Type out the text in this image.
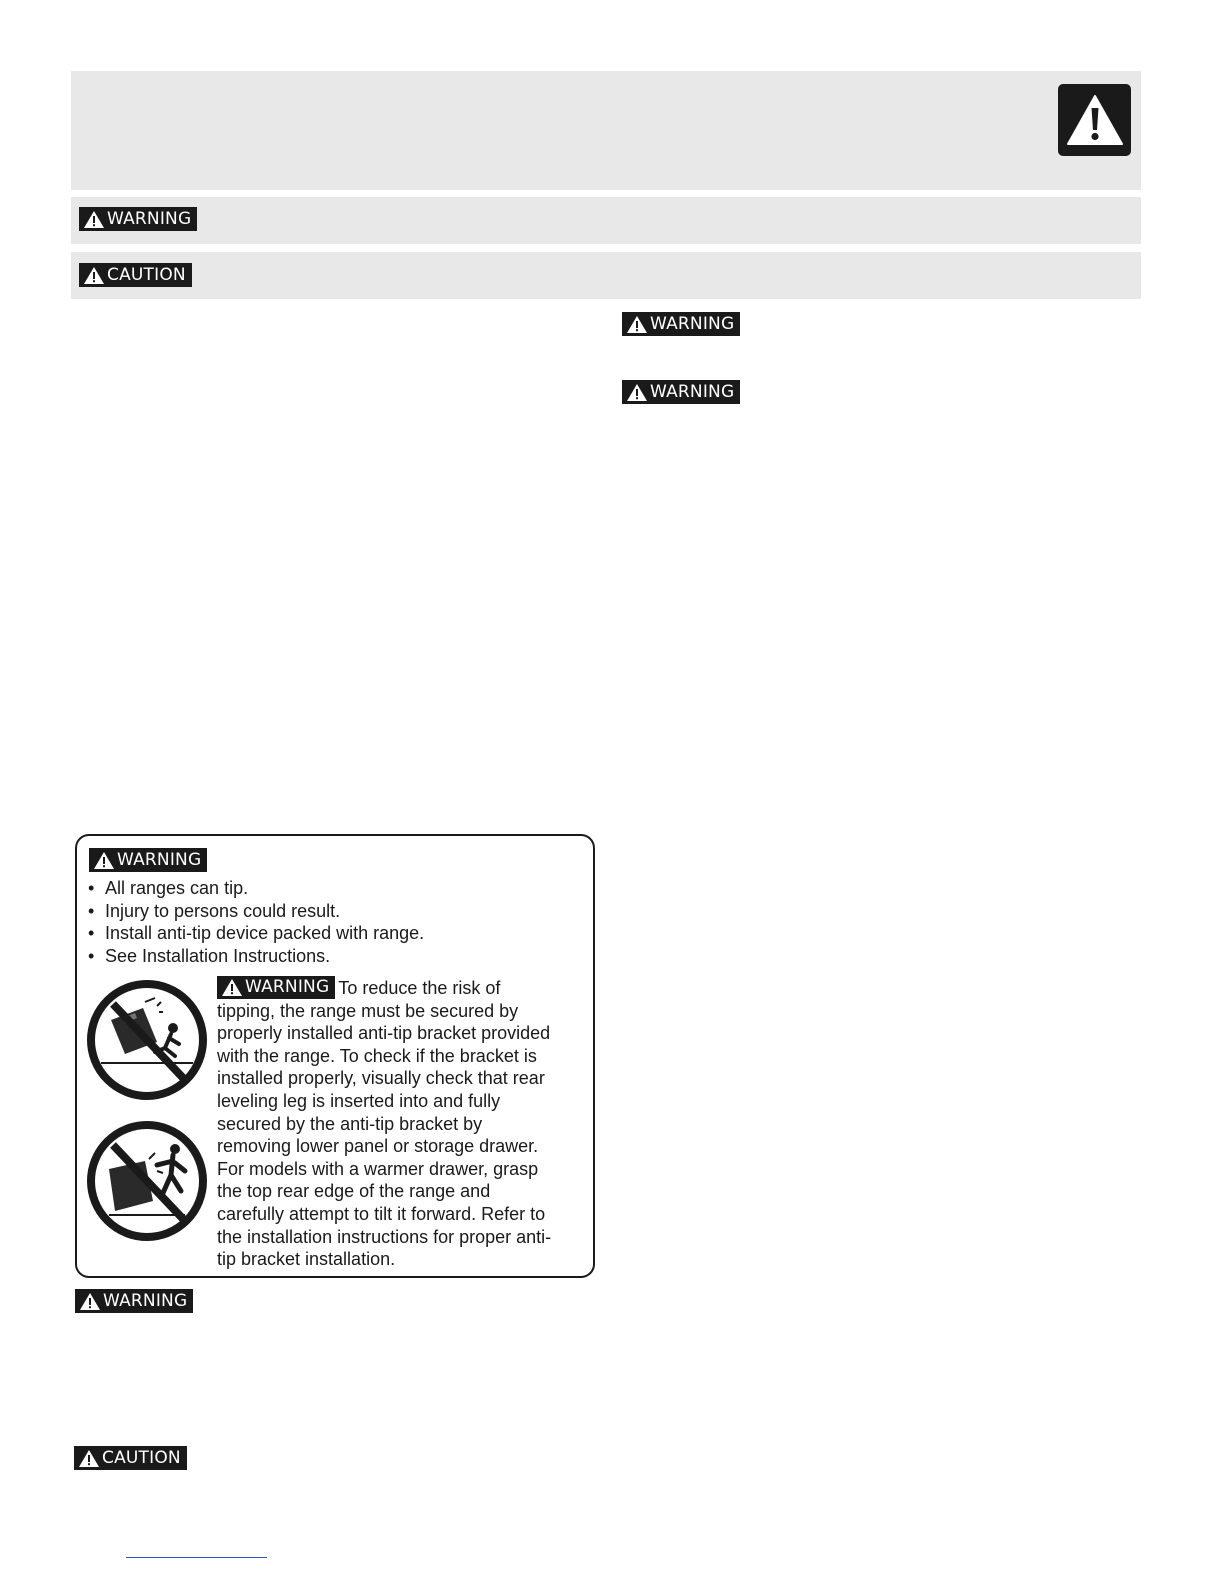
WARNING
CAUTION
WARNING
WARNING
WARNING
• All ranges can tip.
• Injury to persons could result.
• Install anti-tip device packed with range.
• See Installation Instructions.
WARNING To reduce the risk of
tipping, the range must be secured by
properly installed anti-tip bracket provided
with the range. To check if the bracket is
installed properly, visually check that rear
leveling leg is inserted into and fully
secured by the anti-tip bracket by
removing lower panel or storage drawer.
For models with a warmer drawer, grasp
the top rear edge of the range and
carefully attempt to tilt it forward. Refer to
the installation instructions for proper anti-
tip bracket installation.
WARNING
CAUTION
